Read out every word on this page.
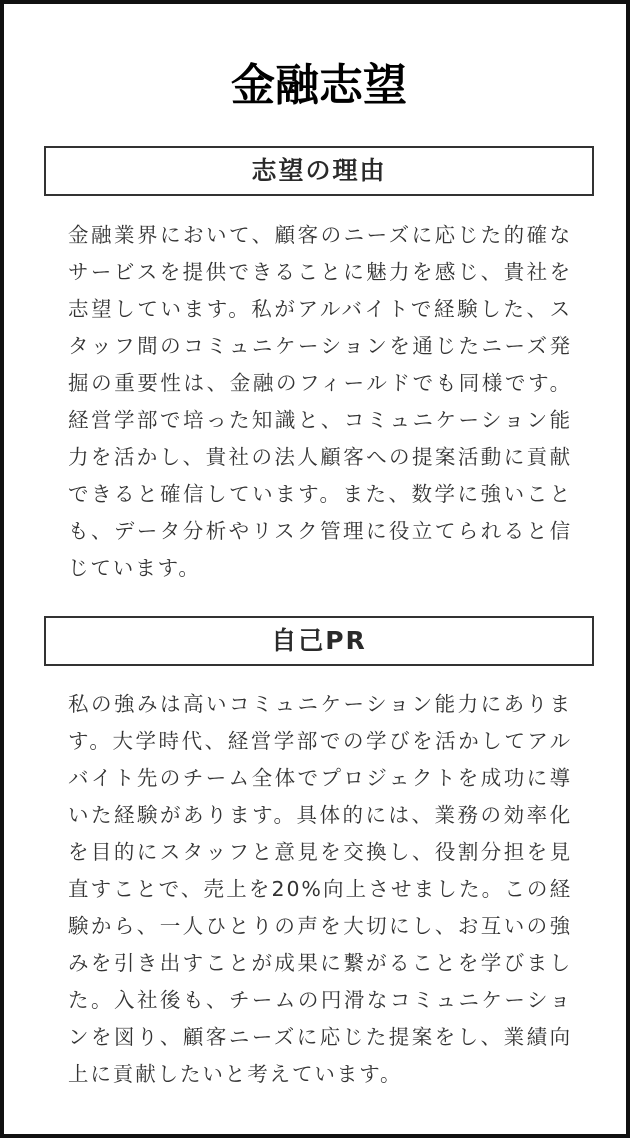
金融志望
志望の理由

金融業界において、顧客のニーズに応じた的確なサービスを提供できることに魅力を感じ、貴社を志望しています。私がアルバイトで経験した、スタッフ間のコミュニケーションを通じたニーズ発掘の重要性は、金融のフィールドでも同様です。経営学部で培った知識と、コミュニケーション能力を活かし、貴社の法人顧客への提案活動に貢献できると確信しています。また、数学に強いことも、データ分析やリスク管理に役立てられると信じています。

自己PR

私の強みは高いコミュニケーション能力にあります。大学時代、経営学部での学びを活かしてアルバイト先のチーム全体でプロジェクトを成功に導いた経験があります。具体的には、業務の効率化を目的にスタッフと意見を交換し、役割分担を見直すことで、売上を20%向上させました。この経験から、一人ひとりの声を大切にし、お互いの強みを引き出すことが成果に繋がることを学びました。入社後も、チームの円滑なコミュニケーションを図り、顧客ニーズに応じた提案をし、業績向上に貢献したいと考えています。
